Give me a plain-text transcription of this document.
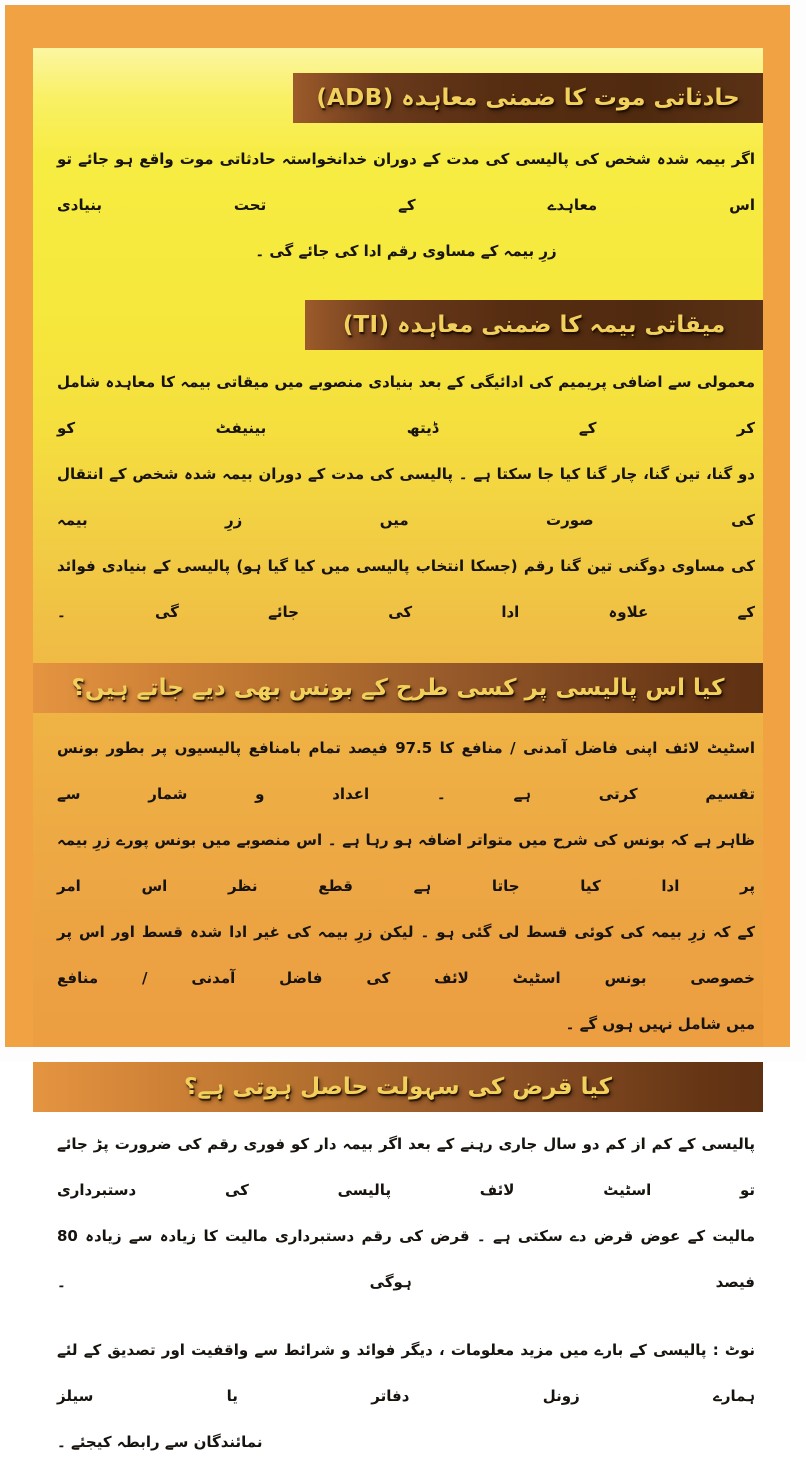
حادثاتی موت کا ضمنی معاہدہ (ADB)
اگر بیمہ شدہ شخص کی پالیسی کی مدت کے دوران خدانخواستہ حادثاتی موت واقع ہو جائے تو اس معاہدے کے تحت بنیادی
زرِ بیمہ کے مساوی رقم ادا کی جائے گی ۔
میقاتی بیمہ کا ضمنی معاہدہ (TI)
معمولی سے اضافی پریمیم کی ادائیگی کے بعد بنیادی منصوبے میں میقاتی بیمہ کا معاہدہ شامل کر کے ڈیتھ بینیفٹ کو
دو گنا، تین گنا، چار گنا کیا جا سکتا ہے ۔ پالیسی کی مدت کے دوران بیمہ شدہ شخص کے انتقال کی صورت میں زرِ بیمہ
کی مساوی دوگنی تین گنا رقم (جسکا انتخاب پالیسی میں کیا گیا ہو) پالیسی کے بنیادی فوائد کے علاوہ ادا کی جائے گی ۔
کیا اس پالیسی پر کسی طرح کے بونس بھی دیے جاتے ہیں؟
اسٹیٹ لائف اپنی فاضل آمدنی / منافع کا 97.5 فیصد تمام بامنافع پالیسیوں پر بطور بونس تقسیم کرتی ہے ۔ اعداد و شمار سے
ظاہر ہے کہ بونس کی شرح میں متواتر اضافہ ہو رہا ہے ۔ اس منصوبے میں بونس پورے زرِ بیمہ پر ادا کیا جاتا ہے قطع نظر اس امر
کے کہ زرِ بیمہ کی کوئی قسط لی گئی ہو ۔ لیکن زرِ بیمہ کی غیر ادا شدہ قسط اور اس پر خصوصی بونس اسٹیٹ لائف کی فاضل آمدنی / منافع
میں شامل نہیں ہوں گے ۔
کیا قرض کی سہولت حاصل ہوتی ہے؟
پالیسی کے کم از کم دو سال جاری رہنے کے بعد اگر بیمہ دار کو فوری رقم کی ضرورت پڑ جائے تو اسٹیٹ لائف پالیسی کی دستبرداری
مالیت کے عوض قرض دے سکتی ہے ۔ قرض کی رقم دستبرداری مالیت کا زیادہ سے زیادہ 80 فیصد ہوگی ۔
نوٹ : پالیسی کے بارے میں مزید معلومات ، دیگر فوائد و شرائط سے واقفیت اور تصدیق کے لئے ہمارے زونل دفاتر یا سیلز
نمائندگان سے رابطہ کیجئے ۔
